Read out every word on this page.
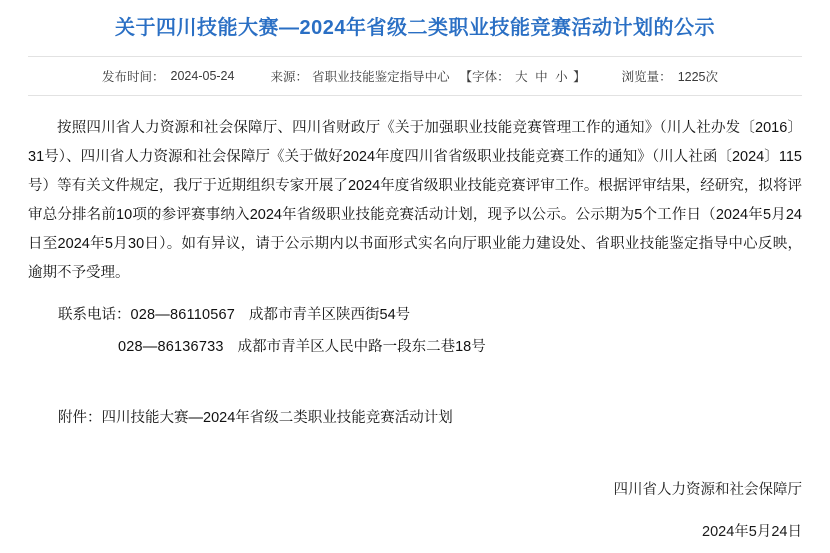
关于四川技能大赛—2024年省级二类职业技能竞赛活动计划的公示
发布时间： 2024-05-24	来源： 省职业技能鉴定指导中心 【字体： 大 中 小 】	浏览量： 1225次

按照四川省人力资源和社会保障厅、四川省财政厅《关于加强职业技能竞赛管理工作的通知》（川人社办发〔2016〕31号）、四川省人力资源和社会保障厅《关于做好2024年度四川省省级职业技能竞赛工作的通知》（川人社函〔2024〕115号）等有关文件规定，我厅于近期组织专家开展了2024年度省级职业技能竞赛评审工作。根据评审结果，经研究，拟将评审总分排名前10项的参评赛事纳入2024年省级职业技能竞赛活动计划，现予以公示。公示期为5个工作日（2024年5月24日至2024年5月30日）。如有异议，请于公示期内以书面形式实名向厅职业能力建设处、省职业技能鉴定指导中心反映，逾期不予受理。

联系电话：028—86110567 成都市青羊区陕西街54号
028—86136733 成都市青羊区人民中路一段东二巷18号
附件：四川技能大赛—2024年省级二类职业技能竞赛活动计划
四川省人力资源和社会保障厅
2024年5月24日
